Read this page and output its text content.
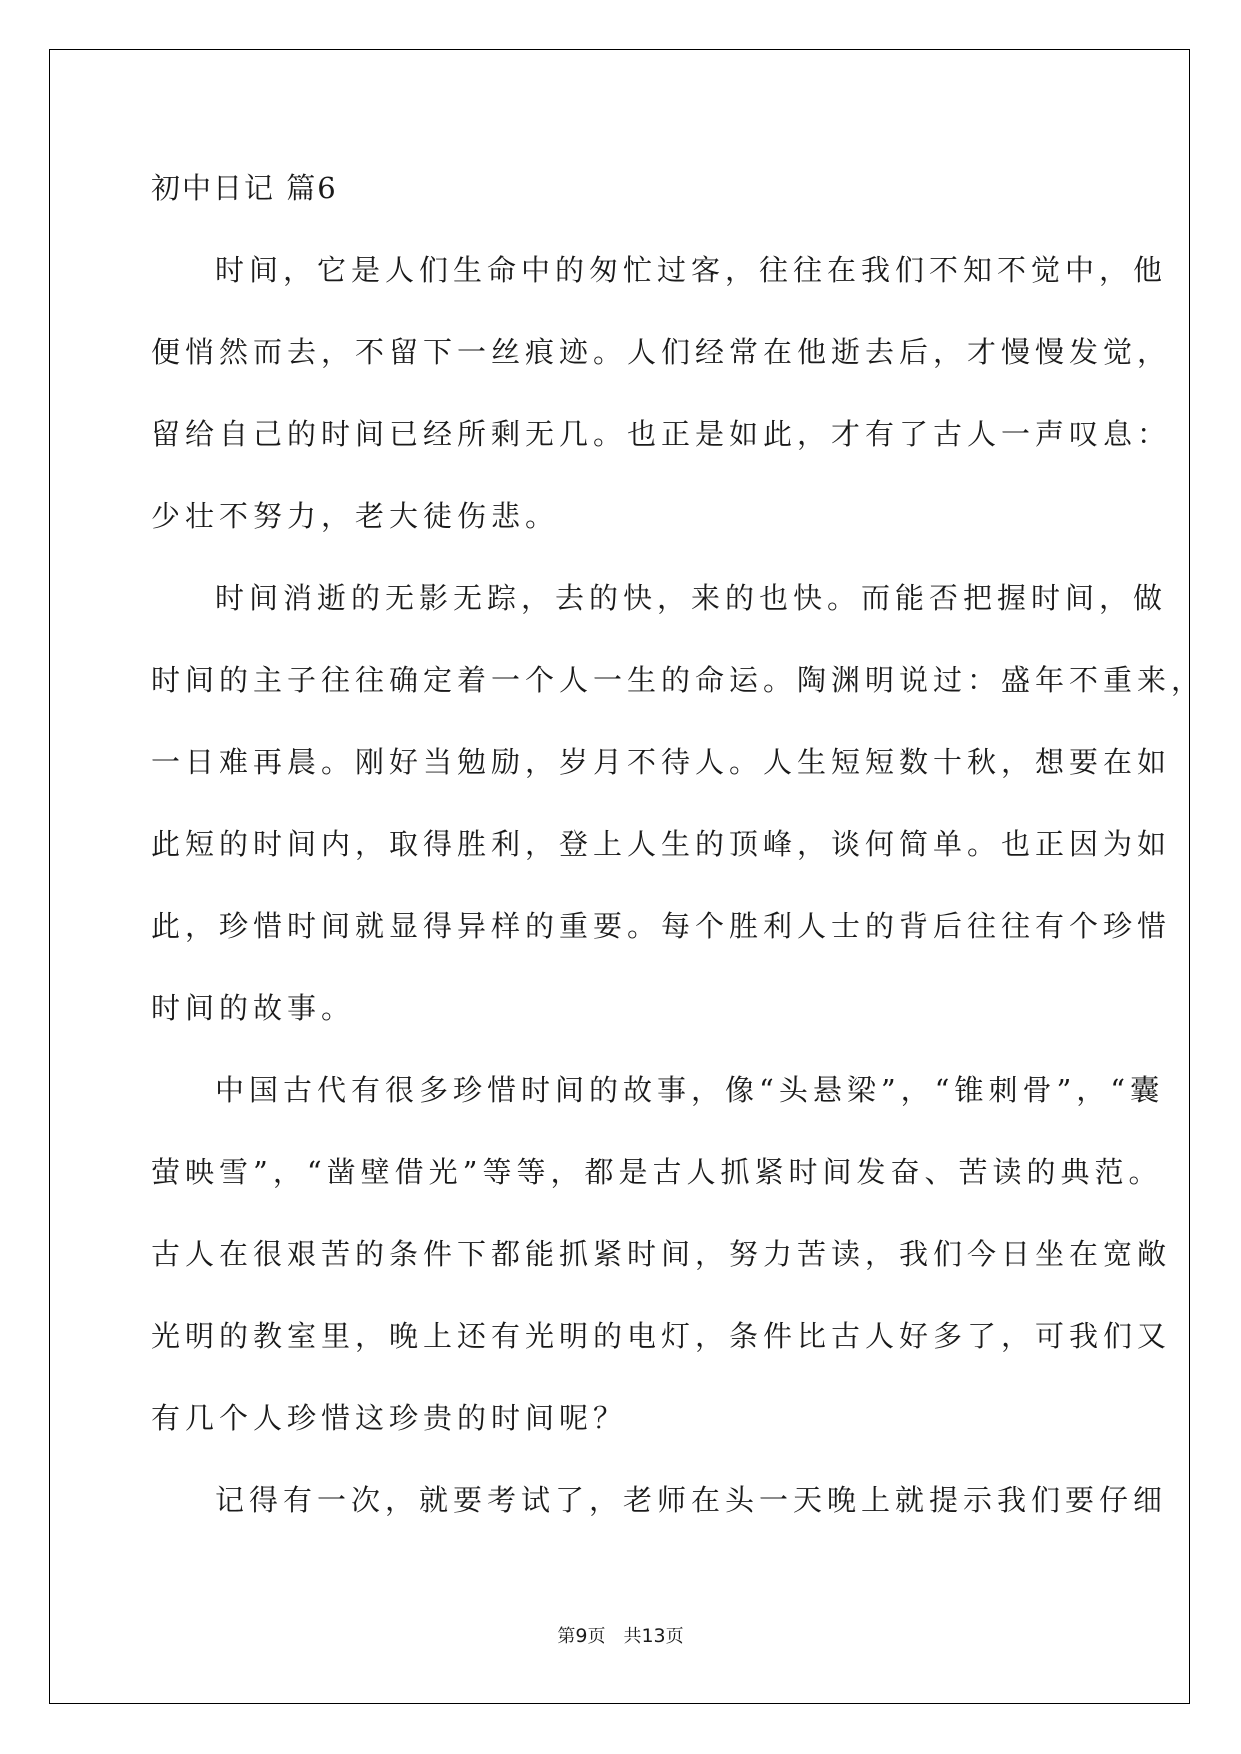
初中日记 篇6
时间，它是人们生命中的匆忙过客，往往在我们不知不觉中，他
便悄然而去，不留下一丝痕迹。人们经常在他逝去后，才慢慢发觉，
留给自己的时间已经所剩无几。也正是如此，才有了古人一声叹息：
少壮不努力，老大徒伤悲。
时间消逝的无影无踪，去的快，来的也快。而能否把握时间，做
时间的主子往往确定着一个人一生的命运。陶渊明说过：盛年不重来，
一日难再晨。刚好当勉励，岁月不待人。人生短短数十秋，想要在如
此短的时间内，取得胜利，登上人生的顶峰，谈何简单。也正因为如
此，珍惜时间就显得异样的重要。每个胜利人士的背后往往有个珍惜
时间的故事。
中国古代有很多珍惜时间的故事，像“头悬梁”，“锥刺骨”，“囊
萤映雪”，“凿壁借光”等等，都是古人抓紧时间发奋、苦读的典范。
古人在很艰苦的条件下都能抓紧时间，努力苦读，我们今日坐在宽敞
光明的教室里，晚上还有光明的电灯，条件比古人好多了，可我们又
有几个人珍惜这珍贵的时间呢？
记得有一次，就要考试了，老师在头一天晚上就提示我们要仔细
第9页 共13页
